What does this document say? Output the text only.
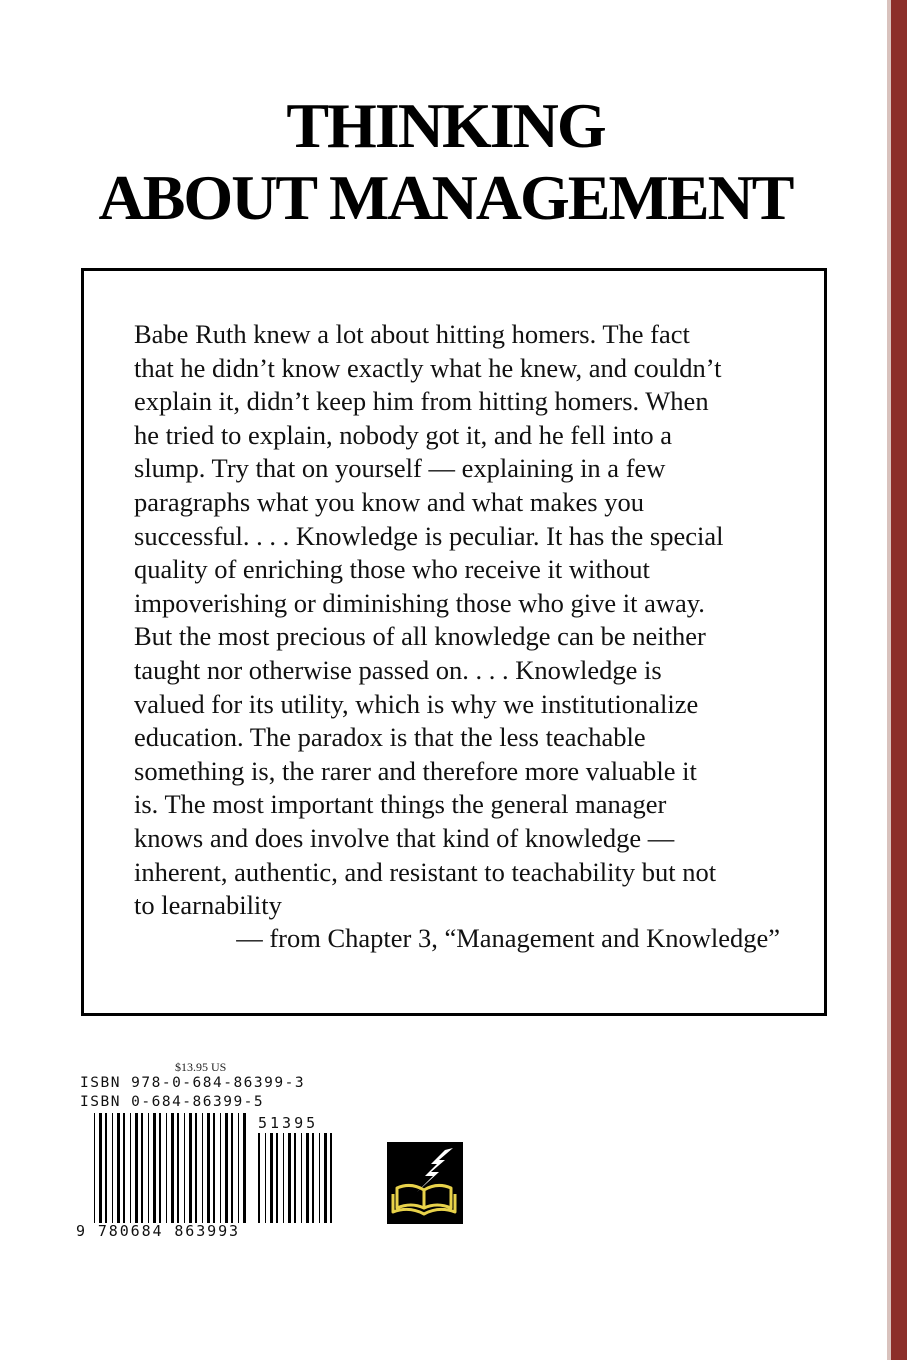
THINKING
ABOUT MANAGEMENT
Babe Ruth knew a lot about hitting homers. The fact
that he didn’t know exactly what he knew, and couldn’t
explain it, didn’t keep him from hitting homers. When
he tried to explain, nobody got it, and he fell into a
slump. Try that on yourself — explaining in a few
paragraphs what you know and what makes you
successful. . . . Knowledge is peculiar. It has the special
quality of enriching those who receive it without
impoverishing or diminishing those who give it away.
But the most precious of all knowledge can be neither
taught nor otherwise passed on. . . . Knowledge is
valued for its utility, which is why we institutionalize
education. The paradox is that the less teachable
something is, the rarer and therefore more valuable it
is. The most important things the general manager
knows and does involve that kind of knowledge —
inherent, authentic, and resistant to teachability but not
to learnability
— from Chapter 3, “Management and Knowledge”
$13.95 US
ISBN 978-0-684-86399-3
ISBN 0-684-86399-5
51395
9 780684 863993
